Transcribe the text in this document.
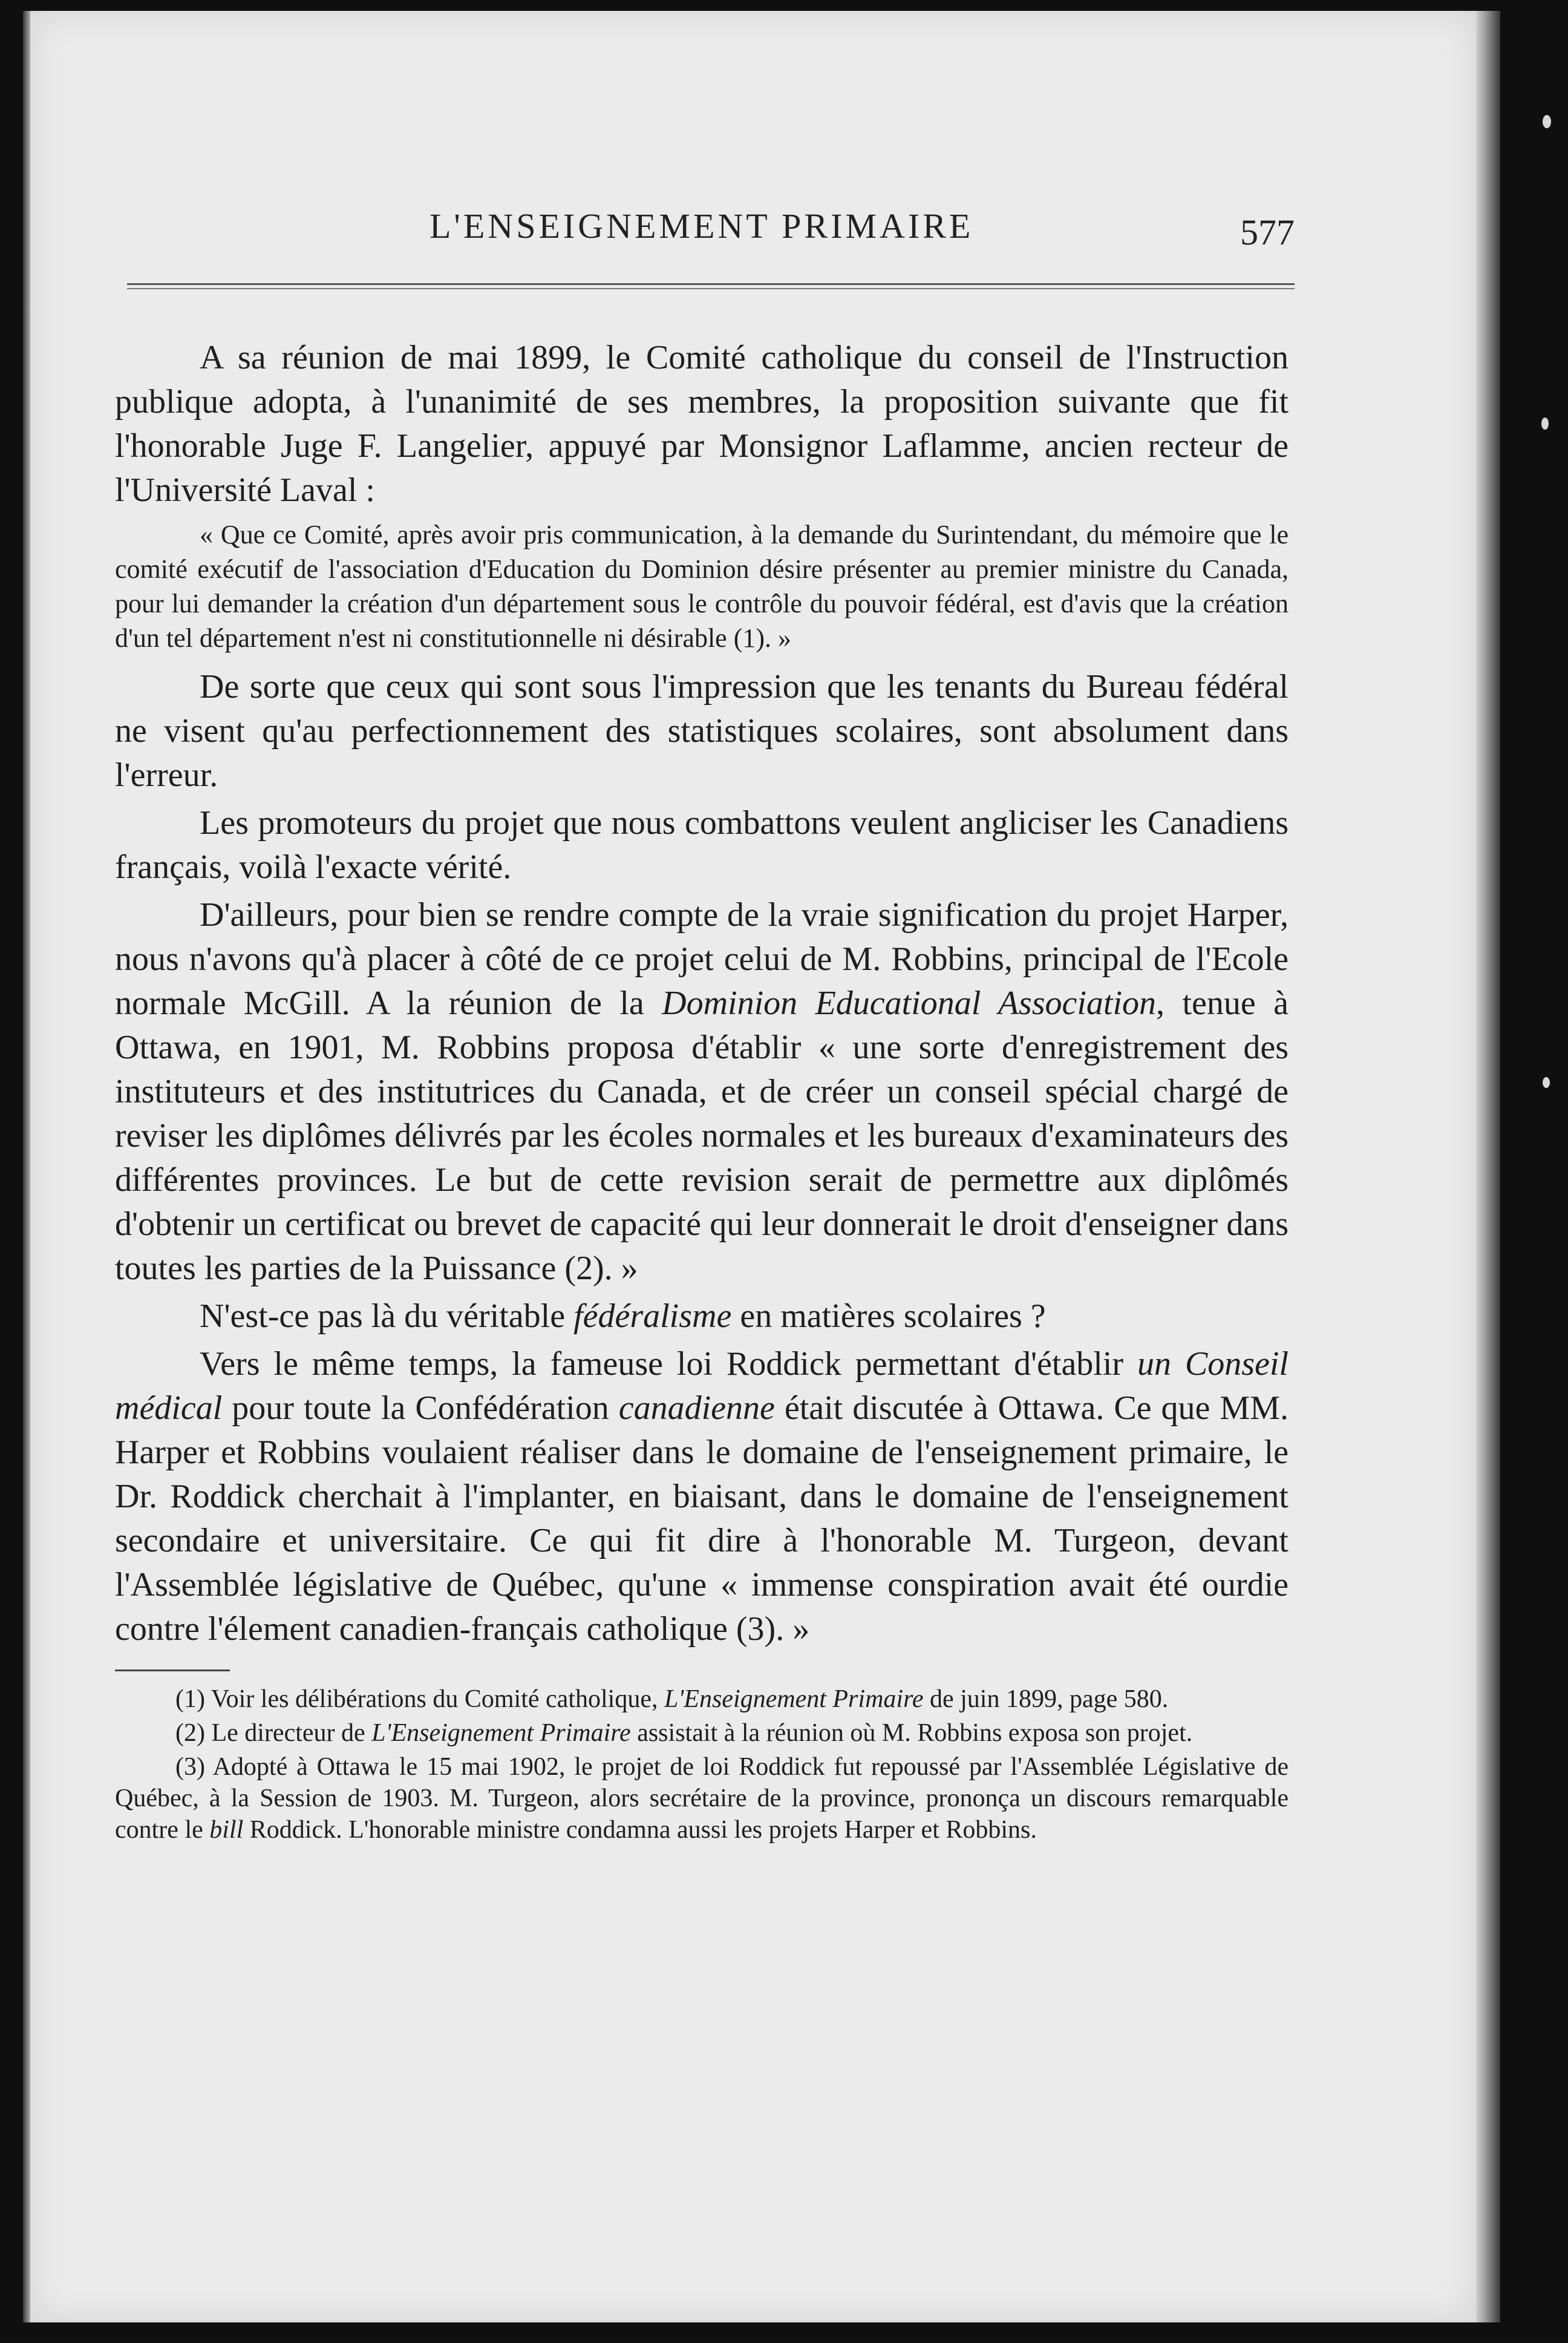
L'ENSEIGNEMENT PRIMAIRE	577

A sa réunion de mai 1899, le Comité catholique du conseil de l'Instruction publique adopta, à l'unanimité de ses membres, la proposition suivante que fit l'honorable Juge F. Langelier, appuyé par Monsignor Laflamme, ancien recteur de l'Université Laval :

« Que ce Comité, après avoir pris communication, à la demande du Surintendant, du mémoire que le comité exécutif de l'association d'Education du Dominion désire présenter au premier ministre du Canada, pour lui demander la création d'un département sous le contrôle du pouvoir fédéral, est d'avis que la création d'un tel département n'est ni constitutionnelle ni désirable (1). »

De sorte que ceux qui sont sous l'impression que les tenants du Bureau fédéral ne visent qu'au perfectionnement des statistiques scolaires, sont absolument dans l'erreur.

Les promoteurs du projet que nous combattons veulent angliciser les Canadiens français, voilà l'exacte vérité.

D'ailleurs, pour bien se rendre compte de la vraie signification du projet Harper, nous n'avons qu'à placer à côté de ce projet celui de M. Robbins, principal de l'Ecole normale McGill. A la réunion de la Dominion Educational Association, tenue à Ottawa, en 1901, M. Robbins proposa d'établir « une sorte d'enregistrement des instituteurs et des institutrices du Canada, et de créer un conseil spécial chargé de reviser les diplômes délivrés par les écoles normales et les bureaux d'examinateurs des différentes provinces. Le but de cette revision serait de permettre aux diplômés d'obtenir un certificat ou brevet de capacité qui leur donnerait le droit d'enseigner dans toutes les parties de la Puissance (2). »

N'est-ce pas là du véritable fédéralisme en matières scolaires ?

Vers le même temps, la fameuse loi Roddick permettant d'établir un Conseil médical pour toute la Confédération canadienne était discutée à Ottawa. Ce que MM. Harper et Robbins voulaient réaliser dans le domaine de l'enseignement primaire, le Dr. Roddick cherchait à l'implanter, en biaisant, dans le domaine de l'enseignement secondaire et universitaire. Ce qui fit dire à l'honorable M. Turgeon, devant l'Assemblée législative de Québec, qu'une « immense conspiration avait été ourdie contre l'élement canadien-français catholique (3). »

(1) Voir les délibérations du Comité catholique, L'Enseignement Primaire de juin 1899, page 580.

(2) Le directeur de L'Enseignement Primaire assistait à la réunion où M. Robbins exposa son projet.

(3) Adopté à Ottawa le 15 mai 1902, le projet de loi Roddick fut repoussé par l'Assemblée Législative de Québec, à la Session de 1903. M. Turgeon, alors secrétaire de la province, prononça un discours remarquable contre le bill Roddick. L'honorable ministre condamna aussi les projets Harper et Robbins.
